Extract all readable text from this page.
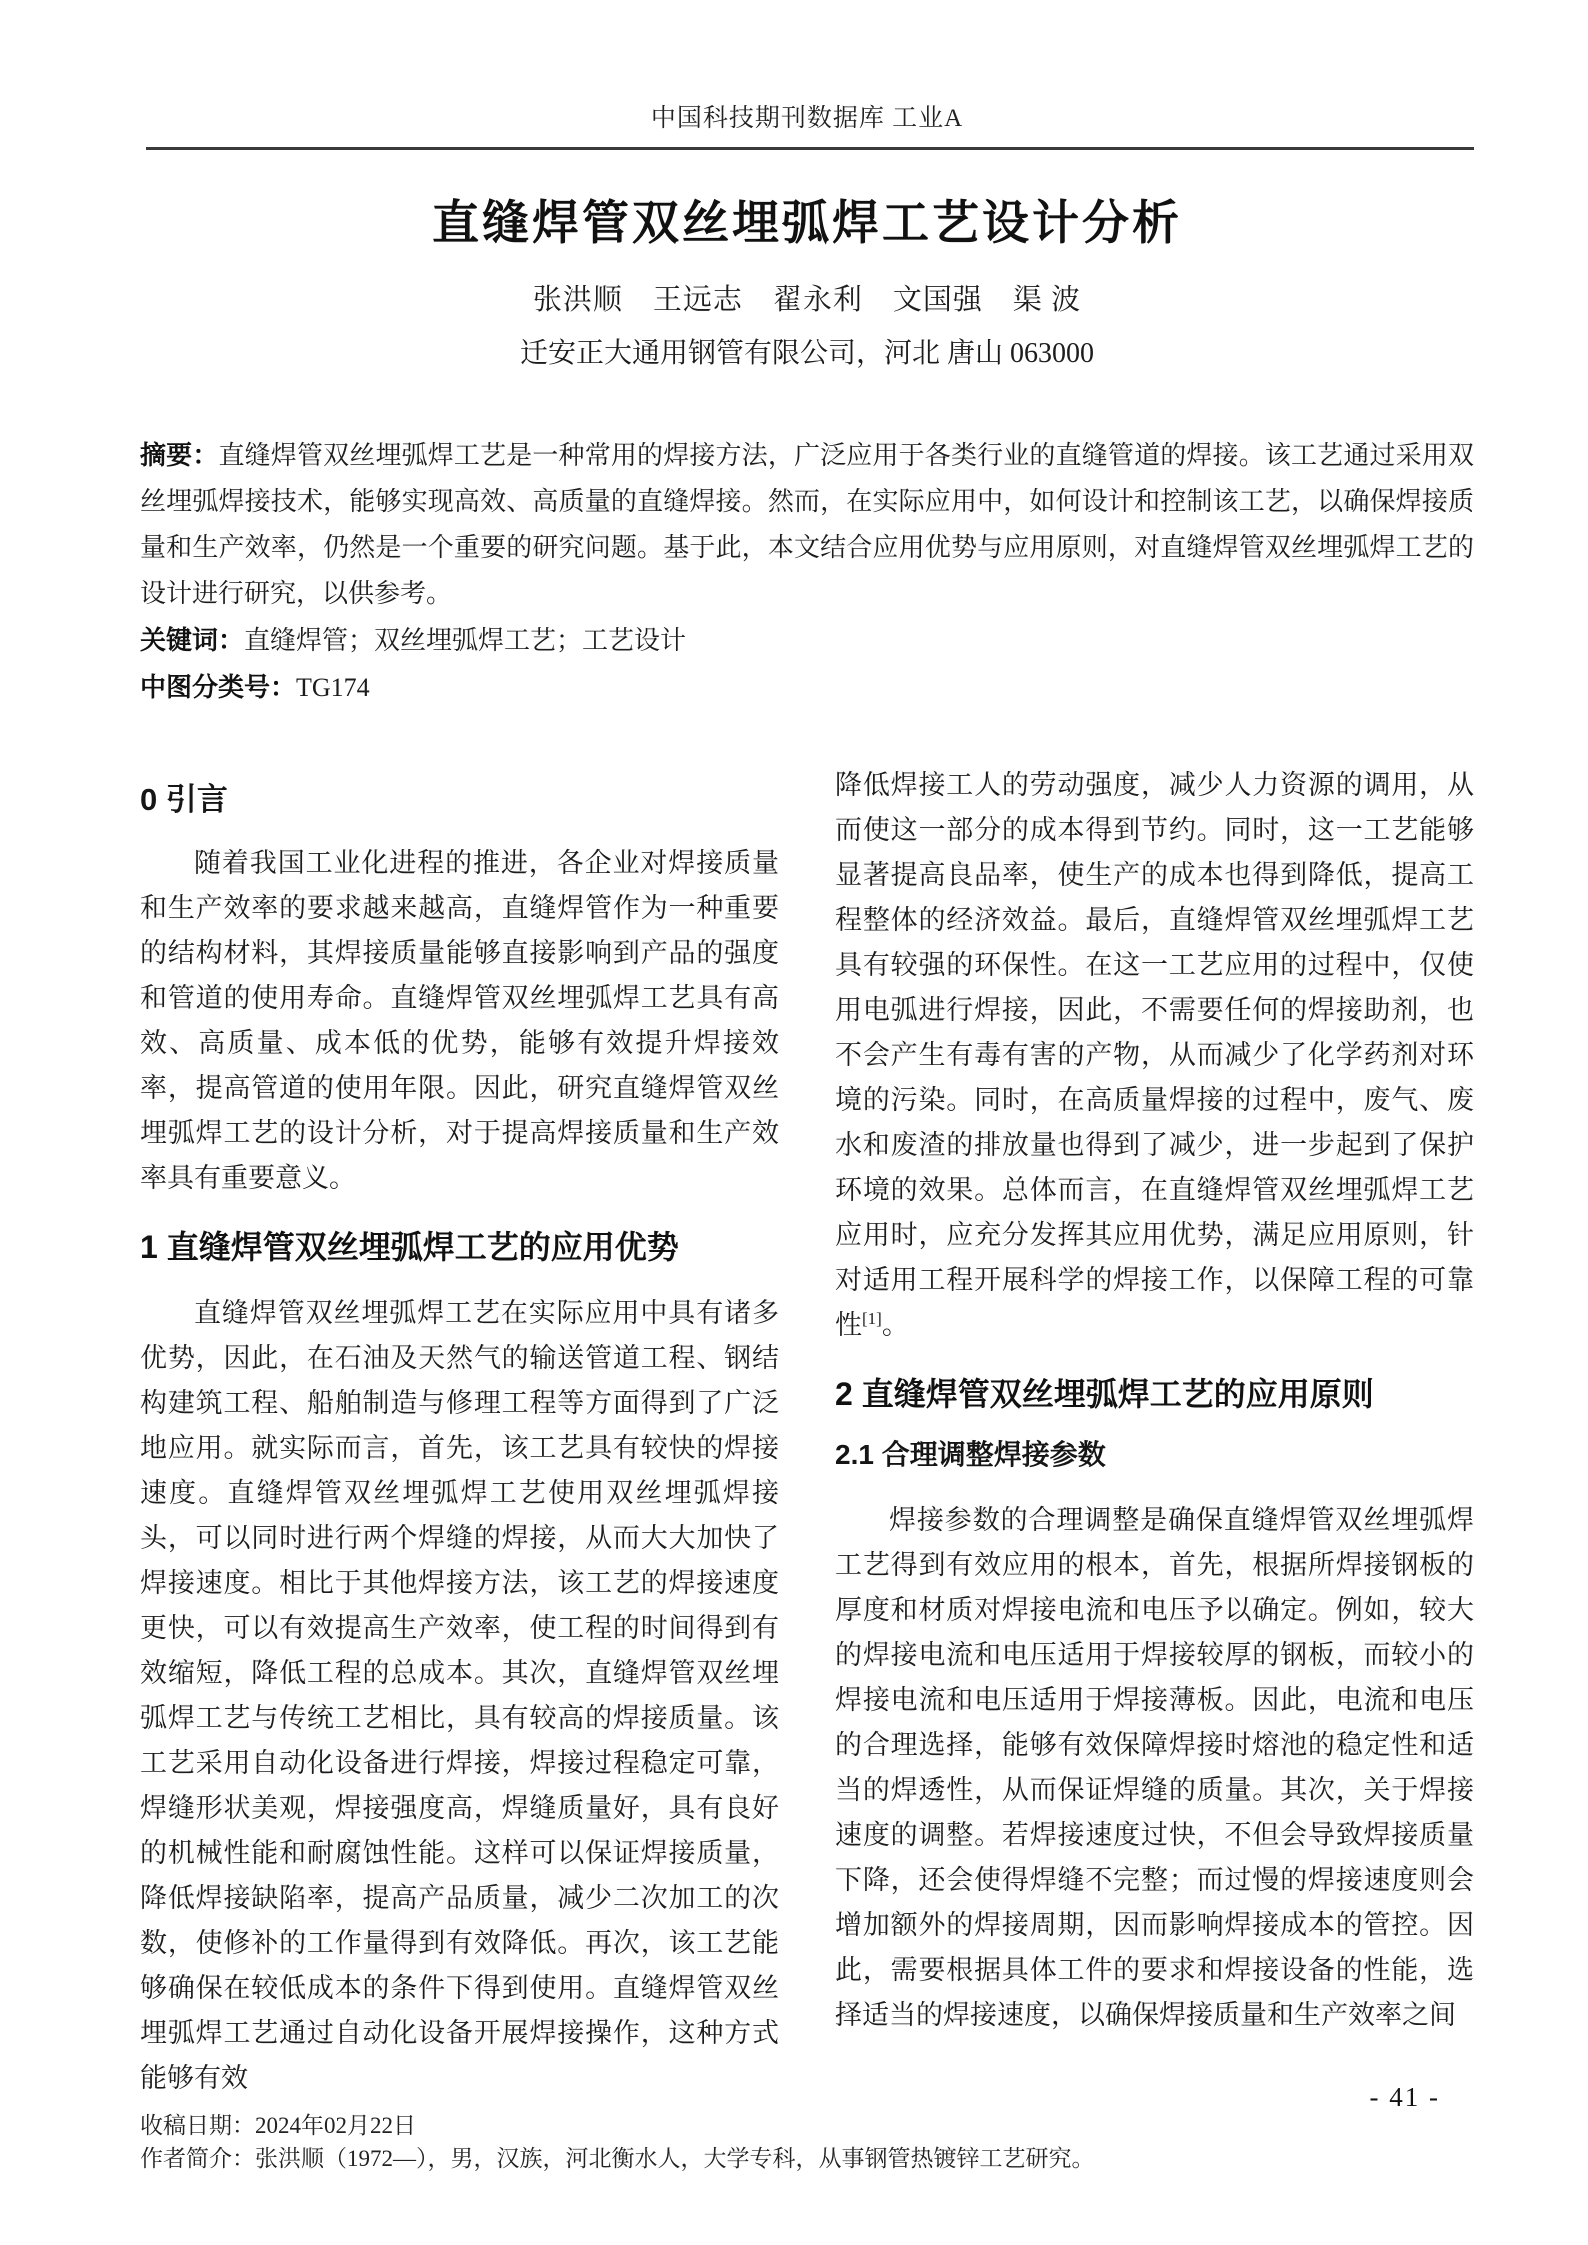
中国科技期刊数据库 工业A
直缝焊管双丝埋弧焊工艺设计分析
张洪顺　王远志　翟永利　文国强　渠 波
迁安正大通用钢管有限公司，河北 唐山 063000

摘要：直缝焊管双丝埋弧焊工艺是一种常用的焊接方法，广泛应用于各类行业的直缝管道的焊接。该工艺通过采用双丝埋弧焊接技术，能够实现高效、高质量的直缝焊接。然而，在实际应用中，如何设计和控制该工艺，以确保焊接质量和生产效率，仍然是一个重要的研究问题。基于此，本文结合应用优势与应用原则，对直缝焊管双丝埋弧焊工艺的设计进行研究，以供参考。

关键词：直缝焊管；双丝埋弧焊工艺；工艺设计

中图分类号：TG174

0 引言

随着我国工业化进程的推进，各企业对焊接质量和生产效率的要求越来越高，直缝焊管作为一种重要的结构材料，其焊接质量能够直接影响到产品的强度和管道的使用寿命。直缝焊管双丝埋弧焊工艺具有高效、高质量、成本低的优势，能够有效提升焊接效率，提高管道的使用年限。因此，研究直缝焊管双丝埋弧焊工艺的设计分析，对于提高焊接质量和生产效率具有重要意义。

1 直缝焊管双丝埋弧焊工艺的应用优势

直缝焊管双丝埋弧焊工艺在实际应用中具有诸多优势，因此，在石油及天然气的输送管道工程、钢结构建筑工程、船舶制造与修理工程等方面得到了广泛地应用。就实际而言，首先，该工艺具有较快的焊接速度。直缝焊管双丝埋弧焊工艺使用双丝埋弧焊接头，可以同时进行两个焊缝的焊接，从而大大加快了焊接速度。相比于其他焊接方法，该工艺的焊接速度更快，可以有效提高生产效率，使工程的时间得到有效缩短，降低工程的总成本。其次，直缝焊管双丝埋弧焊工艺与传统工艺相比，具有较高的焊接质量。该工艺采用自动化设备进行焊接，焊接过程稳定可靠，焊缝形状美观，焊接强度高，焊缝质量好，具有良好的机械性能和耐腐蚀性能。这样可以保证焊接质量，降低焊接缺陷率，提高产品质量，减少二次加工的次数，使修补的工作量得到有效降低。再次，该工艺能够确保在较低成本的条件下得到使用。直缝焊管双丝埋弧焊工艺通过自动化设备开展焊接操作，这种方式能够有效

降低焊接工人的劳动强度，减少人力资源的调用，从而使这一部分的成本得到节约。同时，这一工艺能够显著提高良品率，使生产的成本也得到降低，提高工程整体的经济效益。最后，直缝焊管双丝埋弧焊工艺具有较强的环保性。在这一工艺应用的过程中，仅使用电弧进行焊接，因此，不需要任何的焊接助剂，也不会产生有毒有害的产物，从而减少了化学药剂对环境的污染。同时，在高质量焊接的过程中，废气、废水和废渣的排放量也得到了减少，进一步起到了保护环境的效果。总体而言，在直缝焊管双丝埋弧焊工艺应用时，应充分发挥其应用优势，满足应用原则，针对适用工程开展科学的焊接工作，以保障工程的可靠性[1]。

2 直缝焊管双丝埋弧焊工艺的应用原则
2.1 合理调整焊接参数

焊接参数的合理调整是确保直缝焊管双丝埋弧焊工艺得到有效应用的根本，首先，根据所焊接钢板的厚度和材质对焊接电流和电压予以确定。例如，较大的焊接电流和电压适用于焊接较厚的钢板，而较小的焊接电流和电压适用于焊接薄板。因此，电流和电压的合理选择，能够有效保障焊接时熔池的稳定性和适当的焊透性，从而保证焊缝的质量。其次，关于焊接速度的调整。若焊接速度过快，不但会导致焊接质量下降，还会使得焊缝不完整；而过慢的焊接速度则会增加额外的焊接周期，因而影响焊接成本的管控。因此，需要根据具体工件的要求和焊接设备的性能，选择适当的焊接速度，以确保焊接质量和生产效率之间

收稿日期：2024年02月22日
作者简介：张洪顺（1972—），男，汉族，河北衡水人，大学专科，从事钢管热镀锌工艺研究。
- 41 -
